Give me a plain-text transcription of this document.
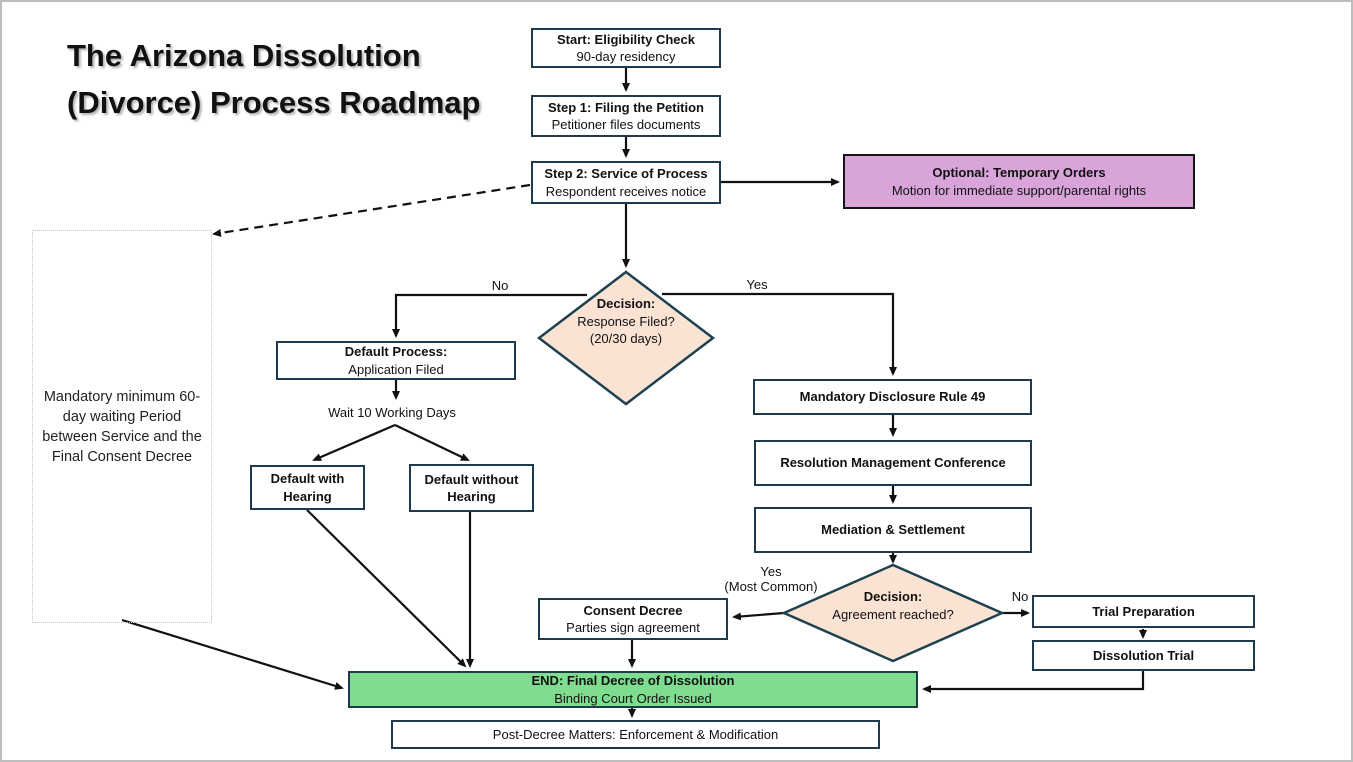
The Arizona Dissolution (Divorce) Process Roadmap
Start: Eligibility Check
90-day residency
Step 1: Filing the Petition
Petitioner files documents
Step 2: Service of Process
Respondent receives notice
Optional: Temporary Orders
Motion for immediate support/parental rights
Default Process:
Application Filed
Default with Hearing
Default without Hearing
Mandatory Disclosure Rule 49
Resolution Management Conference
Mediation & Settlement
Consent Decree
Parties sign agreement
Trial Preparation
Dissolution Trial
END: Final Decree of Dissolution
Binding Court Order Issued
Post-Decree Matters: Enforcement & Modification
Decision:
Response Filed? (20/30 days)
Decision:
Agreement reached?
No	Yes
Wait 10 Working Days
Yes
(Most Common)
No
Mandatory minimum 60-day waiting Period between Service and the Final Consent Decree
